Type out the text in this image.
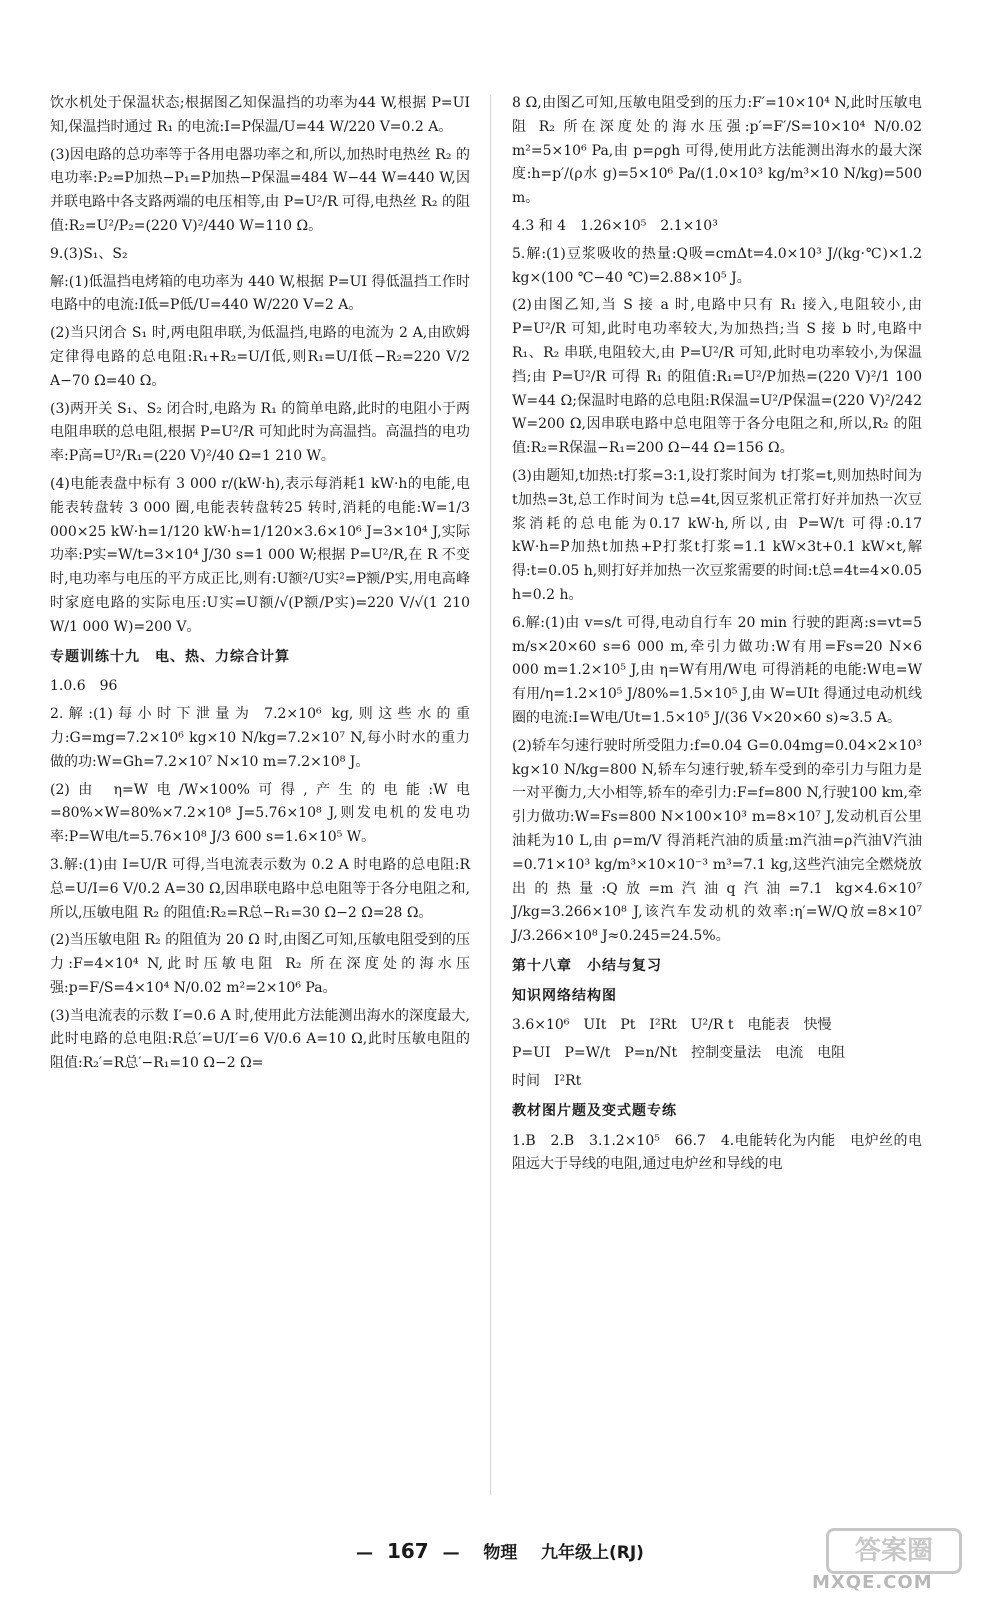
饮水机处于保温状态;根据图乙知保温挡的功率为44 W,根据 P=UI 知,保温挡时通过 R₁ 的电流:I=P保温/U=44 W/220 V=0.2 A。

(3)因电路的总功率等于各用电器功率之和,所以,加热时电热丝 R₂ 的电功率:P₂=P加热−P₁=P加热−P保温=484 W−44 W=440 W,因并联电路中各支路两端的电压相等,由 P=U²/R 可得,电热丝 R₂ 的阻值:R₂=U²/P₂=(220 V)²/440 W=110 Ω。

9.(3)S₁、S₂

解:(1)低温挡电烤箱的电功率为 440 W,根据 P=UI 得低温挡工作时电路中的电流:I低=P低/U=440 W/220 V=2 A。

(2)当只闭合 S₁ 时,两电阻串联,为低温挡,电路的电流为 2 A,由欧姆定律得电路的总电阻:R₁+R₂=U/I低,则R₁=U/I低−R₂=220 V/2 A−70 Ω=40 Ω。

(3)两开关 S₁、S₂ 闭合时,电路为 R₁ 的简单电路,此时的电阻小于两电阻串联的总电阻,根据 P=U²/R 可知此时为高温挡。高温挡的电功率:P高=U²/R₁=(220 V)²/40 Ω=1 210 W。

(4)电能表盘中标有 3 000 r/(kW·h),表示每消耗1 kW·h的电能,电能表转盘转 3 000 圈,电能表转盘转25 转时,消耗的电能:W=1/3 000×25 kW·h=1/120 kW·h=1/120×3.6×10⁶ J=3×10⁴ J,实际功率:P实=W/t=3×10⁴ J/30 s=1 000 W;根据 P=U²/R,在 R 不变时,电功率与电压的平方成正比,则有:U额²/U实²=P额/P实,用电高峰时家庭电路的实际电压:U实=U额/√(P额/P实)=220 V/√(1 210 W/1 000 W)=200 V。

专题训练十九　电、热、力综合计算

1.0.6　96

2.解:(1)每小时下泄量为 7.2×10⁶ kg,则这些水的重力:G=mg=7.2×10⁶ kg×10 N/kg=7.2×10⁷ N,每小时水的重力做的功:W=Gh=7.2×10⁷ N×10 m=7.2×10⁸ J。

(2)由 η=W电/W×100%可得,产生的电能:W电=80%×W=80%×7.2×10⁸ J=5.76×10⁸ J,则发电机的发电功率:P=W电/t=5.76×10⁸ J/3 600 s=1.6×10⁵ W。

3.解:(1)由 I=U/R 可得,当电流表示数为 0.2 A 时电路的总电阻:R总=U/I=6 V/0.2 A=30 Ω,因串联电路中总电阻等于各分电阻之和,所以,压敏电阻 R₂ 的阻值:R₂=R总−R₁=30 Ω−2 Ω=28 Ω。

(2)当压敏电阻 R₂ 的阻值为 20 Ω 时,由图乙可知,压敏电阻受到的压力:F=4×10⁴ N,此时压敏电阻 R₂ 所在深度处的海水压强:p=F/S=4×10⁴ N/0.02 m²=2×10⁶ Pa。

(3)当电流表的示数 I′=0.6 A 时,使用此方法能测出海水的深度最大,此时电路的总电阻:R总′=U/I′=6 V/0.6 A=10 Ω,此时压敏电阻的阻值:R₂′=R总′−R₁=10 Ω−2 Ω=

8 Ω,由图乙可知,压敏电阻受到的压力:F′=10×10⁴ N,此时压敏电阻 R₂ 所在深度处的海水压强:p′=F′/S=10×10⁴ N/0.02 m²=5×10⁶ Pa,由 p=ρgh 可得,使用此方法能测出海水的最大深度:h=p′/(ρ水 g)=5×10⁶ Pa/(1.0×10³ kg/m³×10 N/kg)=500 m。

4.3 和 4　1.26×10⁵　2.1×10³

5.解:(1)豆浆吸收的热量:Q吸=cmΔt=4.0×10³ J/(kg·℃)×1.2 kg×(100 ℃−40 ℃)=2.88×10⁵ J。

(2)由图乙知,当 S 接 a 时,电路中只有 R₁ 接入,电阻较小,由 P=U²/R 可知,此时电功率较大,为加热挡;当 S 接 b 时,电路中 R₁、R₂ 串联,电阻较大,由 P=U²/R 可知,此时电功率较小,为保温挡;由 P=U²/R 可得 R₁ 的阻值:R₁=U²/P加热=(220 V)²/1 100 W=44 Ω;保温时电路的总电阻:R保温=U²/P保温=(220 V)²/242 W=200 Ω,因串联电路中总电阻等于各分电阻之和,所以,R₂ 的阻值:R₂=R保温−R₁=200 Ω−44 Ω=156 Ω。

(3)由题知,t加热:t打浆=3:1,设打浆时间为 t打浆=t,则加热时间为 t加热=3t,总工作时间为 t总=4t,因豆浆机正常打好并加热一次豆浆消耗的总电能为0.17 kW·h,所以,由 P=W/t 可得:0.17 kW·h=P加热t加热+P打浆t打浆=1.1 kW×3t+0.1 kW×t,解得:t=0.05 h,则打好并加热一次豆浆需要的时间:t总=4t=4×0.05 h=0.2 h。

6.解:(1)由 v=s/t 可得,电动自行车 20 min 行驶的距离:s=vt=5 m/s×20×60 s=6 000 m,牵引力做功:W有用=Fs=20 N×6 000 m=1.2×10⁵ J,由 η=W有用/W电 可得消耗的电能:W电=W有用/η=1.2×10⁵ J/80%=1.5×10⁵ J,由 W=UIt 得通过电动机线圈的电流:I=W电/Ut=1.5×10⁵ J/(36 V×20×60 s)≈3.5 A。

(2)轿车匀速行驶时所受阻力:f=0.04 G=0.04mg=0.04×2×10³ kg×10 N/kg=800 N,轿车匀速行驶,轿车受到的牵引力与阻力是一对平衡力,大小相等,轿车的牵引力:F=f=800 N,行驶100 km,牵引力做功:W=Fs=800 N×100×10³ m=8×10⁷ J,发动机百公里油耗为10 L,由 ρ=m/V 得消耗汽油的质量:m汽油=ρ汽油V汽油=0.71×10³ kg/m³×10×10⁻³ m³=7.1 kg,这些汽油完全燃烧放出的热量:Q放=m汽油q汽油=7.1 kg×4.6×10⁷ J/kg=3.266×10⁸ J,该汽车发动机的效率:η′=W/Q放=8×10⁷ J/3.266×10⁸ J≈0.245=24.5%。

第十八章　小结与复习

知识网络结构图

3.6×10⁶　UIt　Pt　I²Rt　U²/R t　电能表　快慢

P=UI　P=W/t　P=n/Nt　控制变量法　电流　电阻

时间　I²Rt

教材图片题及变式题专练

1.B　2.B　3.1.2×10⁵　66.7　4.电能转化为内能　电炉丝的电阻远大于导线的电阻,通过电炉丝和导线的电

— 167 — 物理 九年级上(RJ)	答案圈
MXQE.COM
